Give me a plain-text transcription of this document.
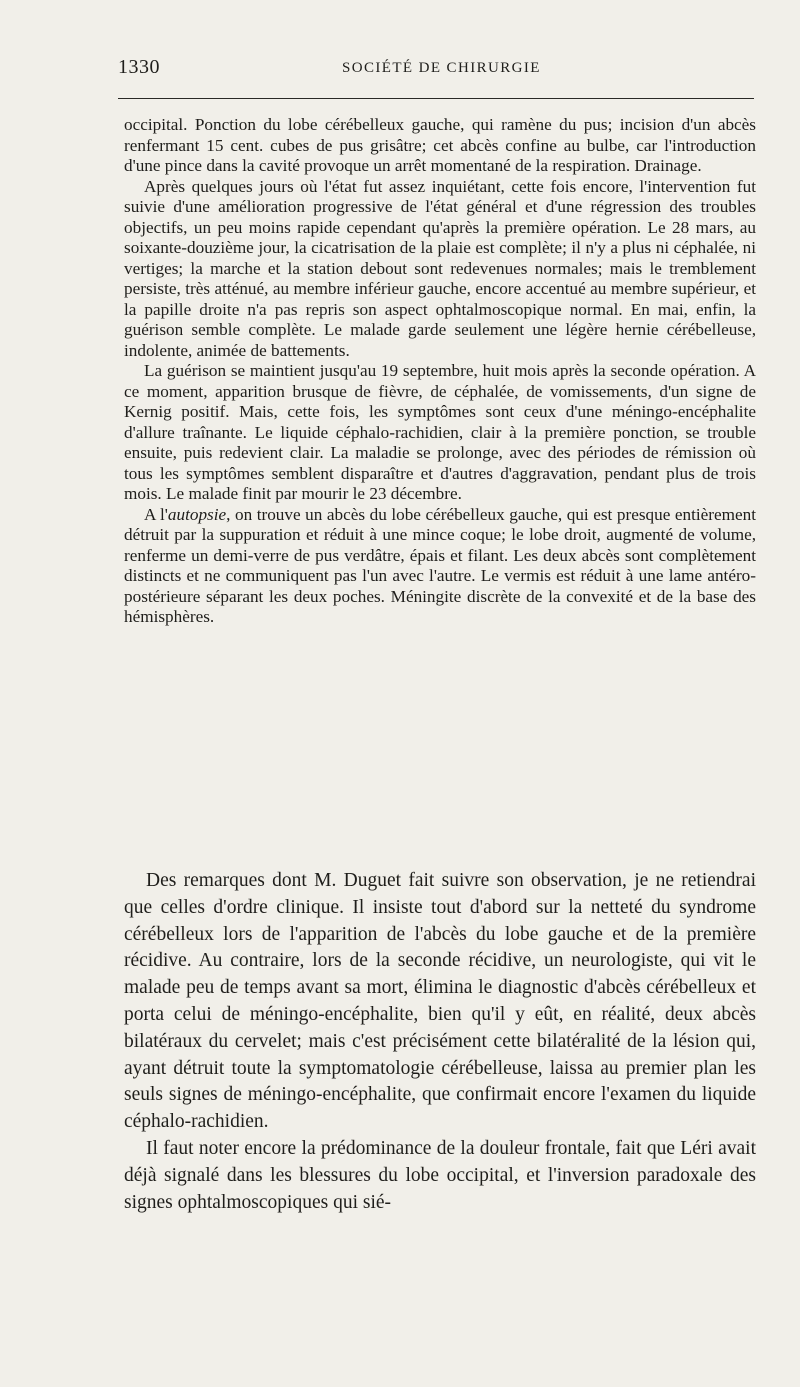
1330	SOCIÉTÉ DE CHIRURGIE

occipital. Ponction du lobe cérébelleux gauche, qui ramène du pus; incision d'un abcès renfermant 15 cent. cubes de pus grisâtre; cet abcès confine au bulbe, car l'introduction d'une pince dans la cavité provoque un arrêt momentané de la respiration. Drainage.

Après quelques jours où l'état fut assez inquiétant, cette fois encore, l'intervention fut suivie d'une amélioration progressive de l'état général et d'une régression des troubles objectifs, un peu moins rapide cependant qu'après la première opération. Le 28 mars, au soixante-douzième jour, la cicatrisation de la plaie est complète; il n'y a plus ni céphalée, ni vertiges; la marche et la station debout sont redevenues normales; mais le tremblement persiste, très atténué, au membre inférieur gauche, encore accentué au membre supérieur, et la papille droite n'a pas repris son aspect ophtalmoscopique normal. En mai, enfin, la guérison semble complète. Le malade garde seulement une légère hernie cérébelleuse, indolente, animée de battements.

La guérison se maintient jusqu'au 19 septembre, huit mois après la seconde opération. A ce moment, apparition brusque de fièvre, de céphalée, de vomissements, d'un signe de Kernig positif. Mais, cette fois, les symptômes sont ceux d'une méningo-encéphalite d'allure traînante. Le liquide céphalo-rachidien, clair à la première ponction, se trouble ensuite, puis redevient clair. La maladie se prolonge, avec des périodes de rémission où tous les symptômes semblent disparaître et d'autres d'aggravation, pendant plus de trois mois. Le malade finit par mourir le 23 décembre.

A l'autopsie, on trouve un abcès du lobe cérébelleux gauche, qui est presque entièrement détruit par la suppuration et réduit à une mince coque; le lobe droit, augmenté de volume, renferme un demi-verre de pus verdâtre, épais et filant. Les deux abcès sont complètement distincts et ne communiquent pas l'un avec l'autre. Le vermis est réduit à une lame antéro-postérieure séparant les deux poches. Méningite discrète de la convexité et de la base des hémisphères.

Des remarques dont M. Duguet fait suivre son observation, je ne retiendrai que celles d'ordre clinique. Il insiste tout d'abord sur la netteté du syndrome cérébelleux lors de l'apparition de l'abcès du lobe gauche et de la première récidive. Au contraire, lors de la seconde récidive, un neurologiste, qui vit le malade peu de temps avant sa mort, élimina le diagnostic d'abcès cérébelleux et porta celui de méningo-encéphalite, bien qu'il y eût, en réalité, deux abcès bilatéraux du cervelet; mais c'est précisément cette bilatéralité de la lésion qui, ayant détruit toute la symptomatologie cérébelleuse, laissa au premier plan les seuls signes de méningo-encéphalite, que confirmait encore l'examen du liquide céphalo-rachidien.

Il faut noter encore la prédominance de la douleur frontale, fait que Léri avait déjà signalé dans les blessures du lobe occipital, et l'inversion paradoxale des signes ophtalmoscopiques qui sié-
